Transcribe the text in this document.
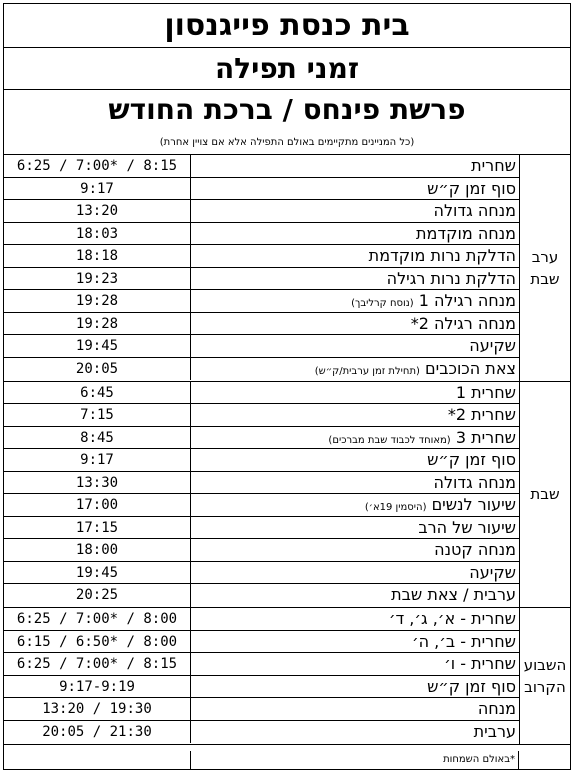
בית כנסת פייגנסון
זמני תפילה
פרשת פינחס / ברכת החודש
(כל המניינים מתקיימים באולם התפילה אלא אם צויין אחרת)
ערב שבת
שחרית
6:25 / 7:00* / 8:15
סוף זמן ק״ש
9:17
מנחה גדולה
13:20
מנחה מוקדמת
18:03
הדלקת נרות מוקדמת
18:18
הדלקת נרות רגילה
19:23
מנחה רגילה 1 (נוסח קרליבך)
19:28
מנחה רגילה 2*
19:28
שקיעה
19:45
צאת הכוכבים (תחילת זמן ערבית/ק״ש)
20:05
שבת
שחרית 1
6:45
שחרית 2*
7:15
שחרית 3 (מאוחד לכבוד שבת מברכים)
8:45
סוף זמן ק״ש
9:17
מנחה גדולה
13:30
שיעור לנשים (היסמין 19א׳)
17:00
שיעור של הרב
17:15
מנחה קטנה
18:00
שקיעה
19:45
ערבית / צאת שבת
20:25
השבוע הקרוב
שחרית - א׳, ג׳, ד׳
6:25 / 7:00* / 8:00
שחרית - ב׳, ה׳
6:15 / 6:50* / 8:00
שחרית - ו׳
6:25 / 7:00* / 8:15
סוף זמן ק״ש
9:17-9:19
מנחה
13:20 / 19:30
ערבית
20:05 / 21:30
*באולם השמחות
